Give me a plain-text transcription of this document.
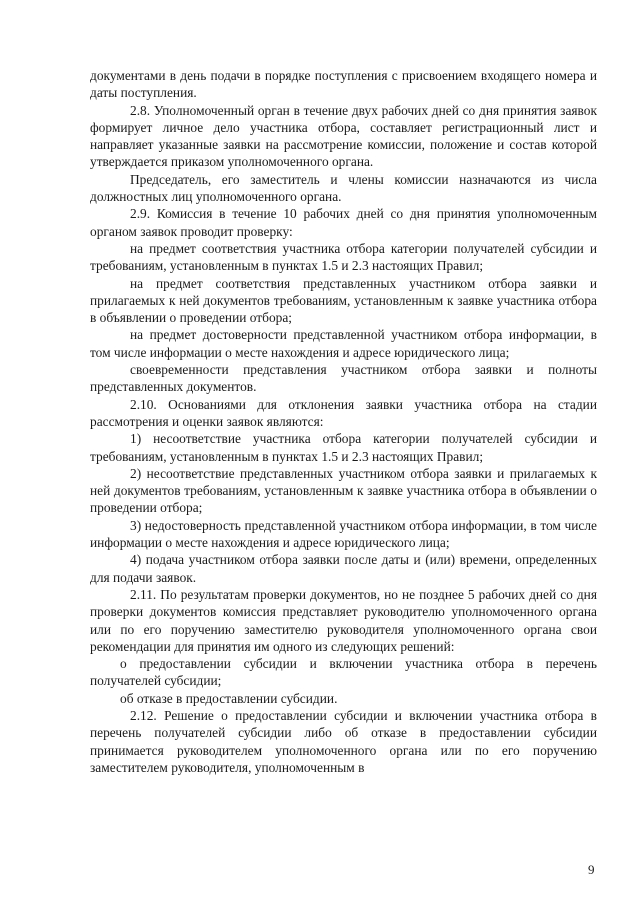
документами в день подачи в порядке поступления с присвоением входящего номера и даты поступления.

2.8. Уполномоченный орган в течение двух рабочих дней со дня принятия заявок формирует личное дело участника отбора, составляет регистрационный лист и направляет указанные заявки на рассмотрение комиссии, положение и состав которой утверждается приказом уполномоченного органа.

Председатель, его заместитель и члены комиссии назначаются из числа должностных лиц уполномоченного органа.

2.9. Комиссия в течение 10 рабочих дней со дня принятия уполномоченным органом заявок проводит проверку:

на предмет соответствия участника отбора категории получателей субсидии и требованиям, установленным в пунктах 1.5 и 2.3 настоящих Правил;

на предмет соответствия представленных участником отбора заявки и прилагаемых к ней документов требованиям, установленным к заявке участника отбора в объявлении о проведении отбора;

на предмет достоверности представленной участником отбора информации, в том числе информации о месте нахождения и адресе юридического лица;

своевременности представления участником отбора заявки и полноты представленных документов.

2.10. Основаниями для отклонения заявки участника отбора на стадии рассмотрения и оценки заявок являются:

1) несоответствие участника отбора категории получателей субсидии и требованиям, установленным в пунктах 1.5 и 2.3 настоящих Правил;

2) несоответствие представленных участником отбора заявки и прилагаемых к ней документов требованиям, установленным к заявке участника отбора в объявлении о проведении отбора;

3) недостоверность представленной участником отбора информации, в том числе информации о месте нахождения и адресе юридического лица;

4) подача участником отбора заявки после даты и (или) времени, определенных для подачи заявок.

2.11. По результатам проверки документов, но не позднее 5 рабочих дней со дня проверки документов комиссия представляет руководителю уполномоченного органа или по его поручению заместителю руководителя уполномоченного органа свои рекомендации для принятия им одного из следующих решений:

о предоставлении субсидии и включении участника отбора в перечень получателей субсидии;

об отказе в предоставлении субсидии.

2.12. Решение о предоставлении субсидии и включении участника отбора в перечень получателей субсидии либо об отказе в предоставлении субсидии принимается руководителем уполномоченного органа или по его поручению заместителем руководителя, уполномоченным в

9
